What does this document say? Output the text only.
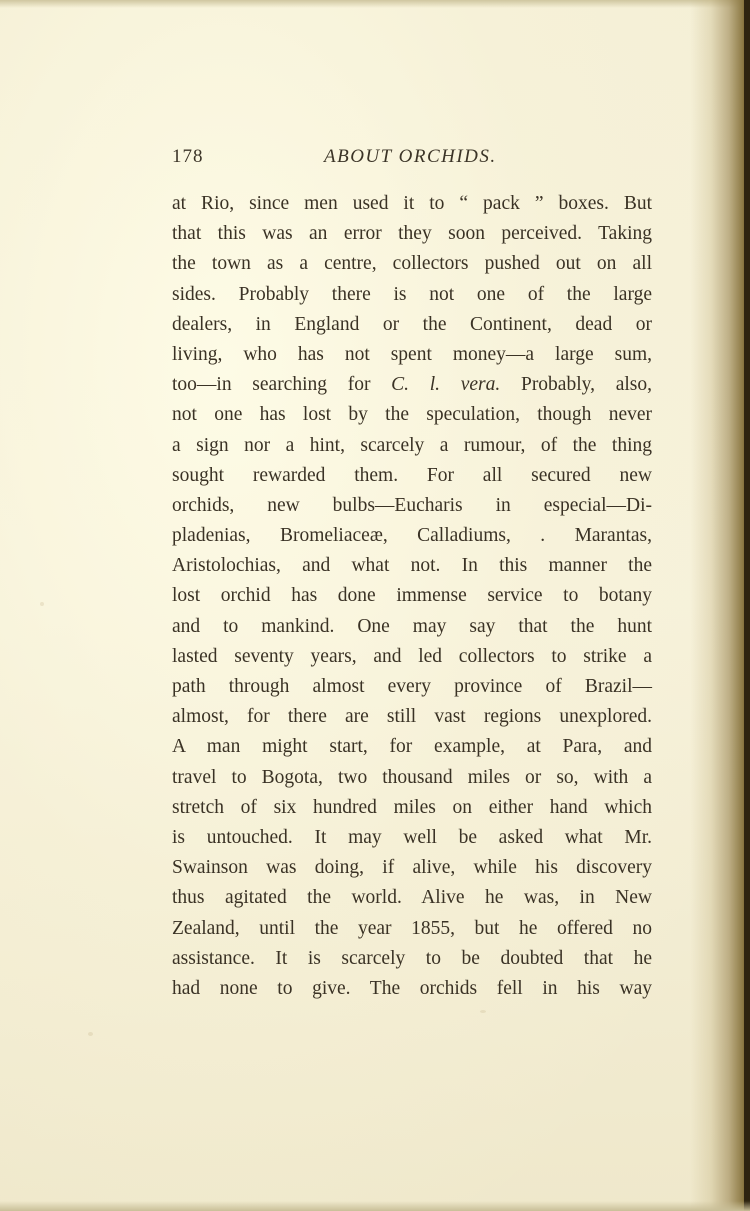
178	ABOUT ORCHIDS.
at Rio, since men used it to “ pack ” boxes. But
that this was an error they soon perceived. Taking
the town as a centre, collectors pushed out on all
sides. Probably there is not one of the large
dealers, in England or the Continent, dead or
living, who has not spent money—a large sum,
too—in searching for C. l. vera. Probably, also,
not one has lost by the speculation, though never
a sign nor a hint, scarcely a rumour, of the thing
sought rewarded them. For all secured new
orchids, new bulbs—Eucharis in especial—Di-
pladenias, Bromeliaceæ, Calladiums, . Marantas,
Aristolochias, and what not. In this manner the
lost orchid has done immense service to botany
and to mankind. One may say that the hunt
lasted seventy years, and led collectors to strike a
path through almost every province of Brazil—
almost, for there are still vast regions unexplored.
A man might start, for example, at Para, and
travel to Bogota, two thousand miles or so, with a
stretch of six hundred miles on either hand which
is untouched. It may well be asked what Mr.
Swainson was doing, if alive, while his discovery
thus agitated the world. Alive he was, in New
Zealand, until the year 1855, but he offered no
assistance. It is scarcely to be doubted that he
had none to give. The orchids fell in his way
